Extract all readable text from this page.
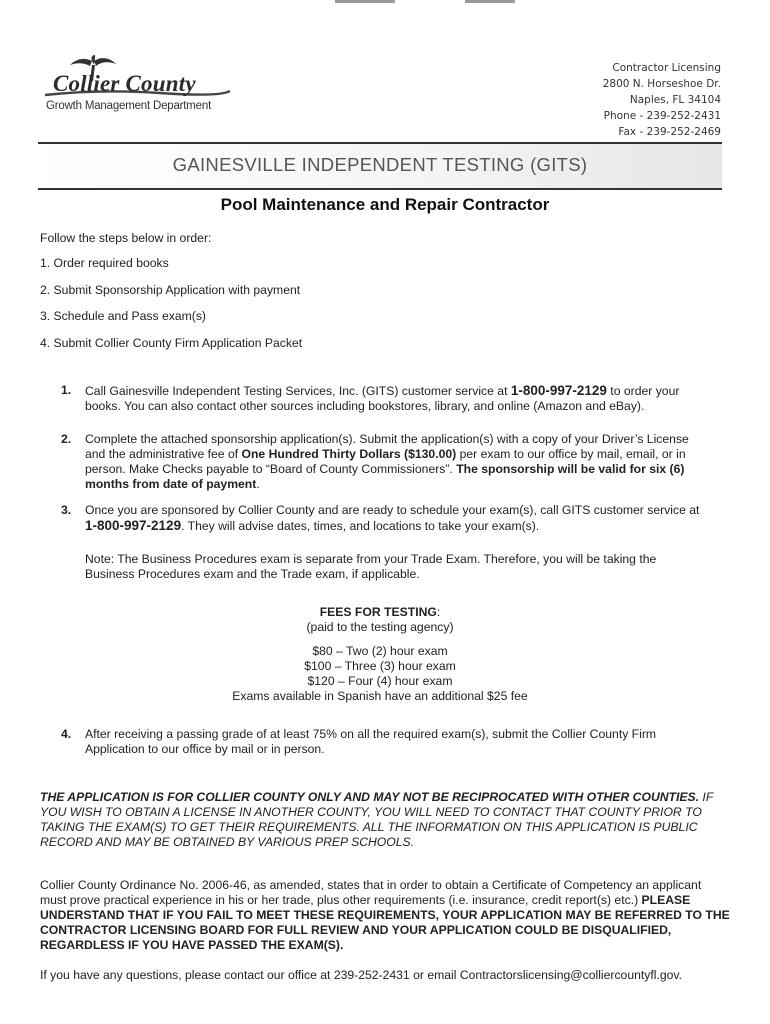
Collier County
Growth Management Department
Contractor Licensing
2800 N. Horseshoe Dr.
Naples, FL 34104
Phone - 239-252-2431
Fax - 239-252-2469
GAINESVILLE INDEPENDENT TESTING (GITS)
Pool Maintenance and Repair Contractor
Follow the steps below in order:
1. Order required books
2. Submit Sponsorship Application with payment
3. Schedule and Pass exam(s)
4. Submit Collier County Firm Application Packet
1. Call Gainesville Independent Testing Services, Inc. (GITS) customer service at 1-800-997-2129 to order your books. You can also contact other sources including bookstores, library, and online (Amazon and eBay).
2. Complete the attached sponsorship application(s). Submit the application(s) with a copy of your Driver’s License and the administrative fee of One Hundred Thirty Dollars ($130.00) per exam to our office by mail, email, or in person. Make Checks payable to “Board of County Commissioners”. The sponsorship will be valid for six (6) months from date of payment.
3. Once you are sponsored by Collier County and are ready to schedule your exam(s), call GITS customer service at 1-800-997-2129. They will advise dates, times, and locations to take your exam(s).
Note: The Business Procedures exam is separate from your Trade Exam. Therefore, you will be taking the Business Procedures exam and the Trade exam, if applicable.
FEES FOR TESTING:
(paid to the testing agency)
$80 – Two (2) hour exam
$100 – Three (3) hour exam
$120 – Four (4) hour exam
Exams available in Spanish have an additional $25 fee
4. After receiving a passing grade of at least 75% on all the required exam(s), submit the Collier County Firm Application to our office by mail or in person.
THE APPLICATION IS FOR COLLIER COUNTY ONLY AND MAY NOT BE RECIPROCATED WITH OTHER COUNTIES. IF YOU WISH TO OBTAIN A LICENSE IN ANOTHER COUNTY, YOU WILL NEED TO CONTACT THAT COUNTY PRIOR TO TAKING THE EXAM(S) TO GET THEIR REQUIREMENTS. ALL THE INFORMATION ON THIS APPLICATION IS PUBLIC RECORD AND MAY BE OBTAINED BY VARIOUS PREP SCHOOLS.
Collier County Ordinance No. 2006-46, as amended, states that in order to obtain a Certificate of Competency an applicant must prove practical experience in his or her trade, plus other requirements (i.e. insurance, credit report(s) etc.) PLEASE UNDERSTAND THAT IF YOU FAIL TO MEET THESE REQUIREMENTS, YOUR APPLICATION MAY BE REFERRED TO THE CONTRACTOR LICENSING BOARD FOR FULL REVIEW AND YOUR APPLICATION COULD BE DISQUALIFIED, REGARDLESS IF YOU HAVE PASSED THE EXAM(S).
If you have any questions, please contact our office at 239-252-2431 or email Contractorslicensing@colliercountyfl.gov.
